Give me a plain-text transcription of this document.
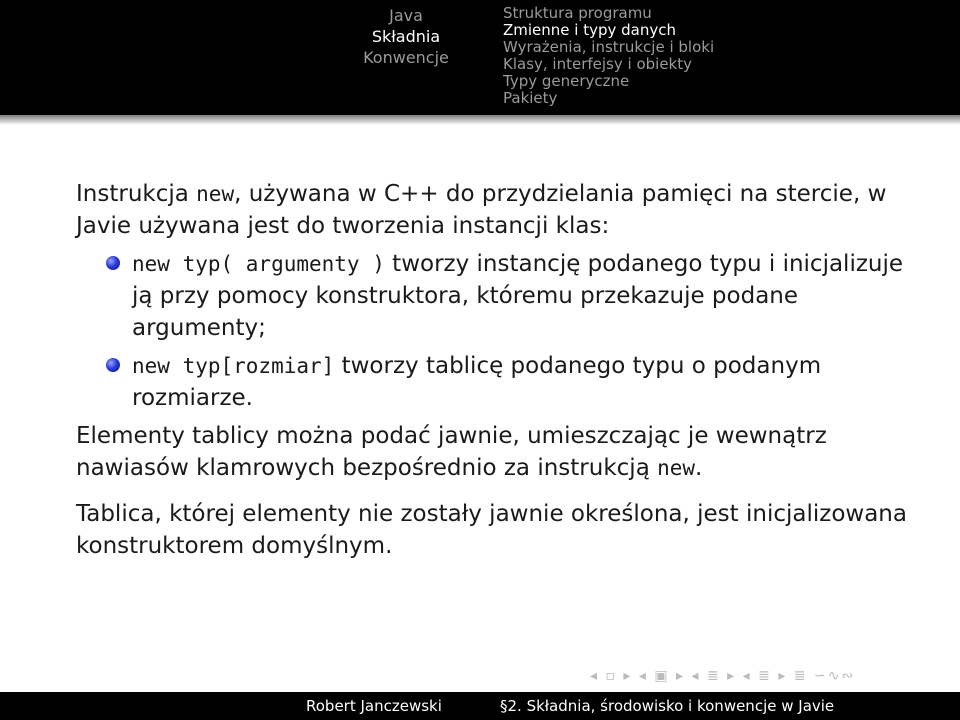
Java
Składnia
Konwencje
Struktura programu
Zmienne i typy danych
Wyrażenia, instrukcje i bloki
Klasy, interfejsy i obiekty
Typy generyczne
Pakiety

Instrukcja new, używana w C++ do przydzielania pamięci na stercie, w Javie używana jest do tworzenia instancji klas:

new typ( argumenty ) tworzy instancję podanego typu i inicjalizuje ją przy pomocy konstruktora, któremu przekazuje podane argumenty;
new typ[rozmiar] tworzy tablicę podanego typu o podanym rozmiarze.

Elementy tablicy można podać jawnie, umieszczając je wewnątrz nawiasów klamrowych bezpośrednio za instrukcją new.

Tablica, której elementy nie zostały jawnie określona, jest inicjalizowana konstruktorem domyślnym.

◂ ▫ ▸ ◂ ▣ ▸ ◂ ≣ ▸ ◂ ≣ ▸ ≣ ∽∿∾
Robert Janczewski	§2. Składnia, środowisko i konwencje w Javie
